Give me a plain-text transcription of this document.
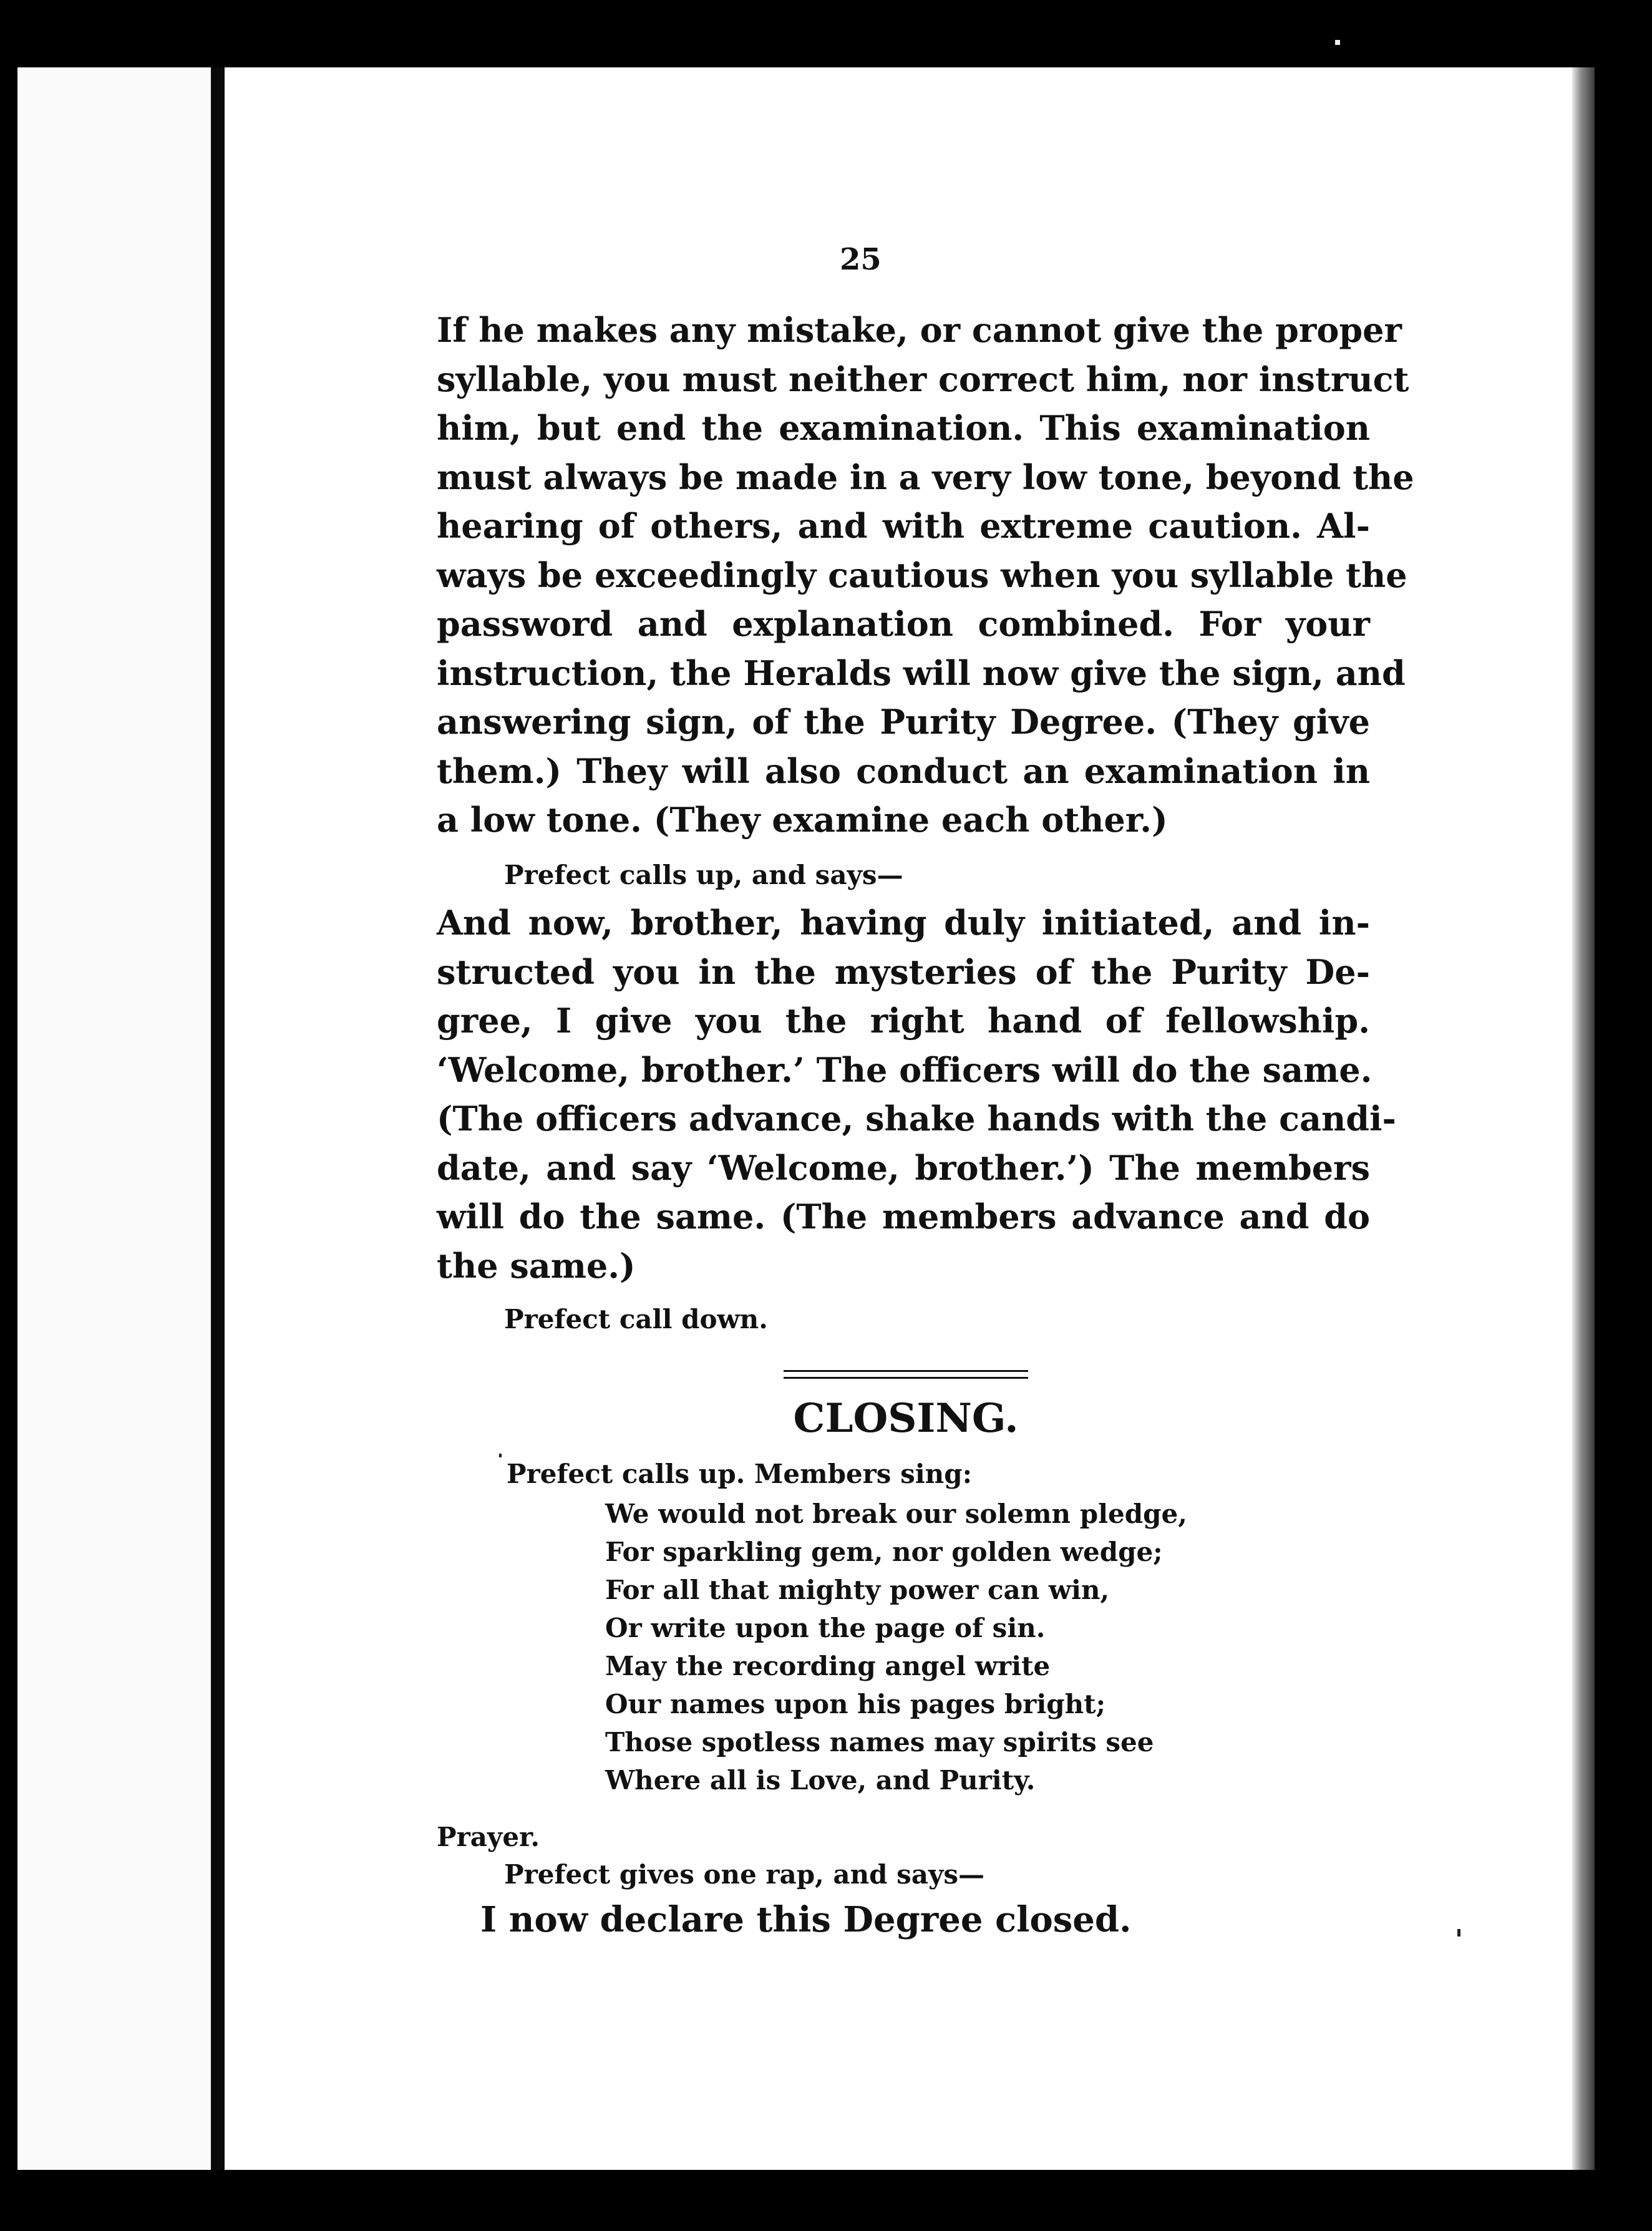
25

If he makes any mistake, or cannot give the proper
syllable, you must neither correct him, nor instruct
him, but end the examination. This examination
must always be made in a very low tone, beyond the
hearing of others, and with extreme caution. Al-
ways be exceedingly cautious when you syllable the
password and explanation combined. For your
instruction, the Heralds will now give the sign, and
answering sign, of the Purity Degree. (They give
them.) They will also conduct an examination in
a low tone. (They examine each other.)

Prefect calls up, and says—

And now, brother, having duly initiated, and in-
structed you in the mysteries of the Purity De-
gree, I give you the right hand of fellowship.
‘Welcome, brother.’ The officers will do the same.
(The officers advance, shake hands with the candi-
date, and say ‘Welcome, brother.’) The members
will do the same. (The members advance and do
the same.)

Prefect call down.
CLOSING.
Prefect calls up. Members sing:
We would not break our solemn pledge,
For sparkling gem, nor golden wedge;
For all that mighty power can win,
Or write upon the page of sin.
May the recording angel write
Our names upon his pages bright;
Those spotless names may spirits see
Where all is Love, and Purity.
Prayer.
Prefect gives one rap, and says—
I now declare this Degree closed.
